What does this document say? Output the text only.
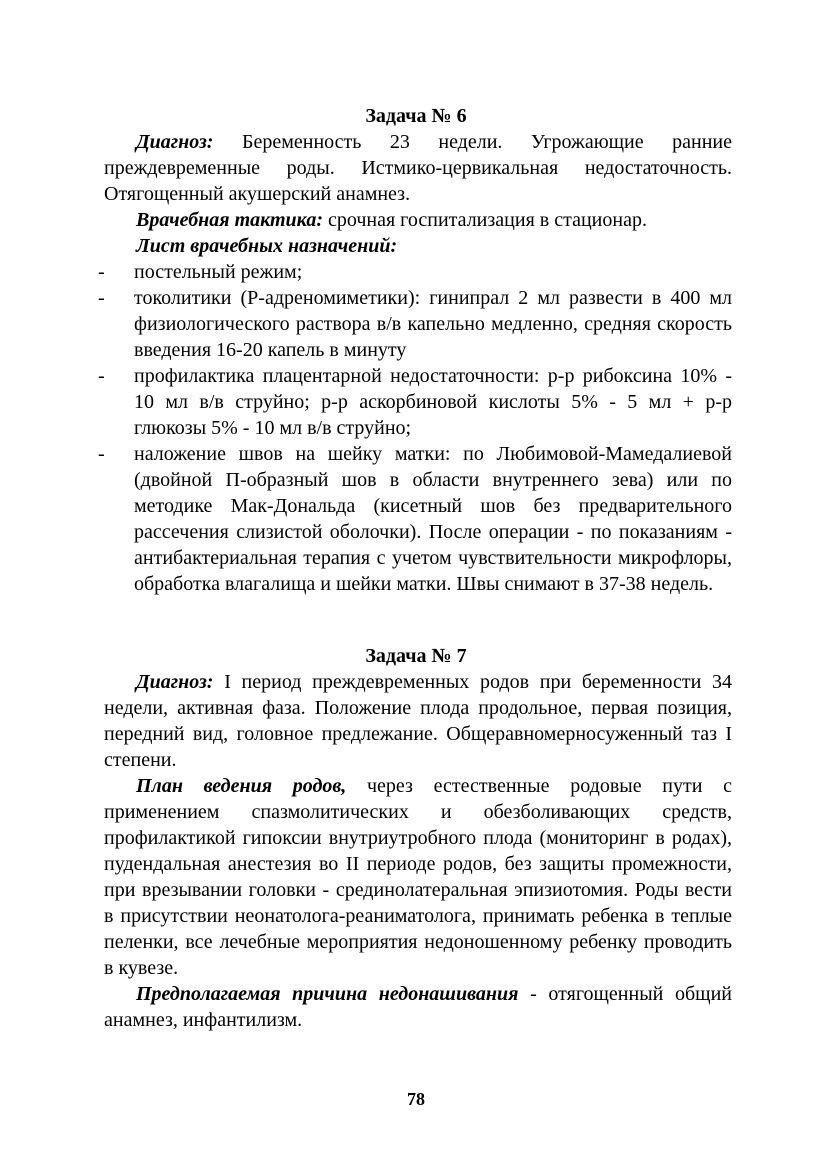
Задача № 6

Диагноз: Беременность 23 недели. Угрожающие ранние преждевременные роды. Истмико-цервикальная недостаточность. Отягощенный акушерский анамнез.

Врачебная тактика: срочная госпитализация в стационар.

Лист врачебных назначений:

- постельный режим;
- токолитики (Р-адреномиметики): гинипрал 2 мл развести в 400 мл физиологического раствора в/в капельно медленно, средняя скорость введения 16-20 капель в минуту
- профилактика плацентарной недостаточности: р-р рибоксина 10% - 10 мл в/в струйно; р-р аскорбиновой кислоты 5% - 5 мл + р-р глюкозы 5% - 10 мл в/в струйно;
- наложение швов на шейку матки: по Любимовой-Мамедалиевой (двойной П-образный шов в области внутреннего зева) или по методике Мак-Дональда (кисетный шов без предварительного рассечения слизистой оболочки). После операции - по показаниям - антибактериальная терапия с учетом чувствительности микрофлоры, обработка влагалища и шейки матки. Швы снимают в 37-38 недель.
Задача № 7

Диагноз: I период преждевременных родов при беременности 34 недели, активная фаза. Положение плода продольное, первая позиция, передний вид, головное предлежание. Общеравномерносуженный таз I степени.

План ведения родов, через естественные родовые пути с применением спазмолитических и обезболивающих средств, профилактикой гипоксии внутриутробного плода (мониторинг в родах), пудендальная анестезия во II периоде родов, без защиты промежности, при врезывании головки - срединолатеральная эпизиотомия. Роды вести в присутствии неонатолога-реаниматолога, принимать ребенка в теплые пеленки, все лечебные мероприятия недоношенному ребенку проводить в кувезе.

Предполагаемая причина недонашивания - отягощенный общий анамнез, инфантилизм.

78
